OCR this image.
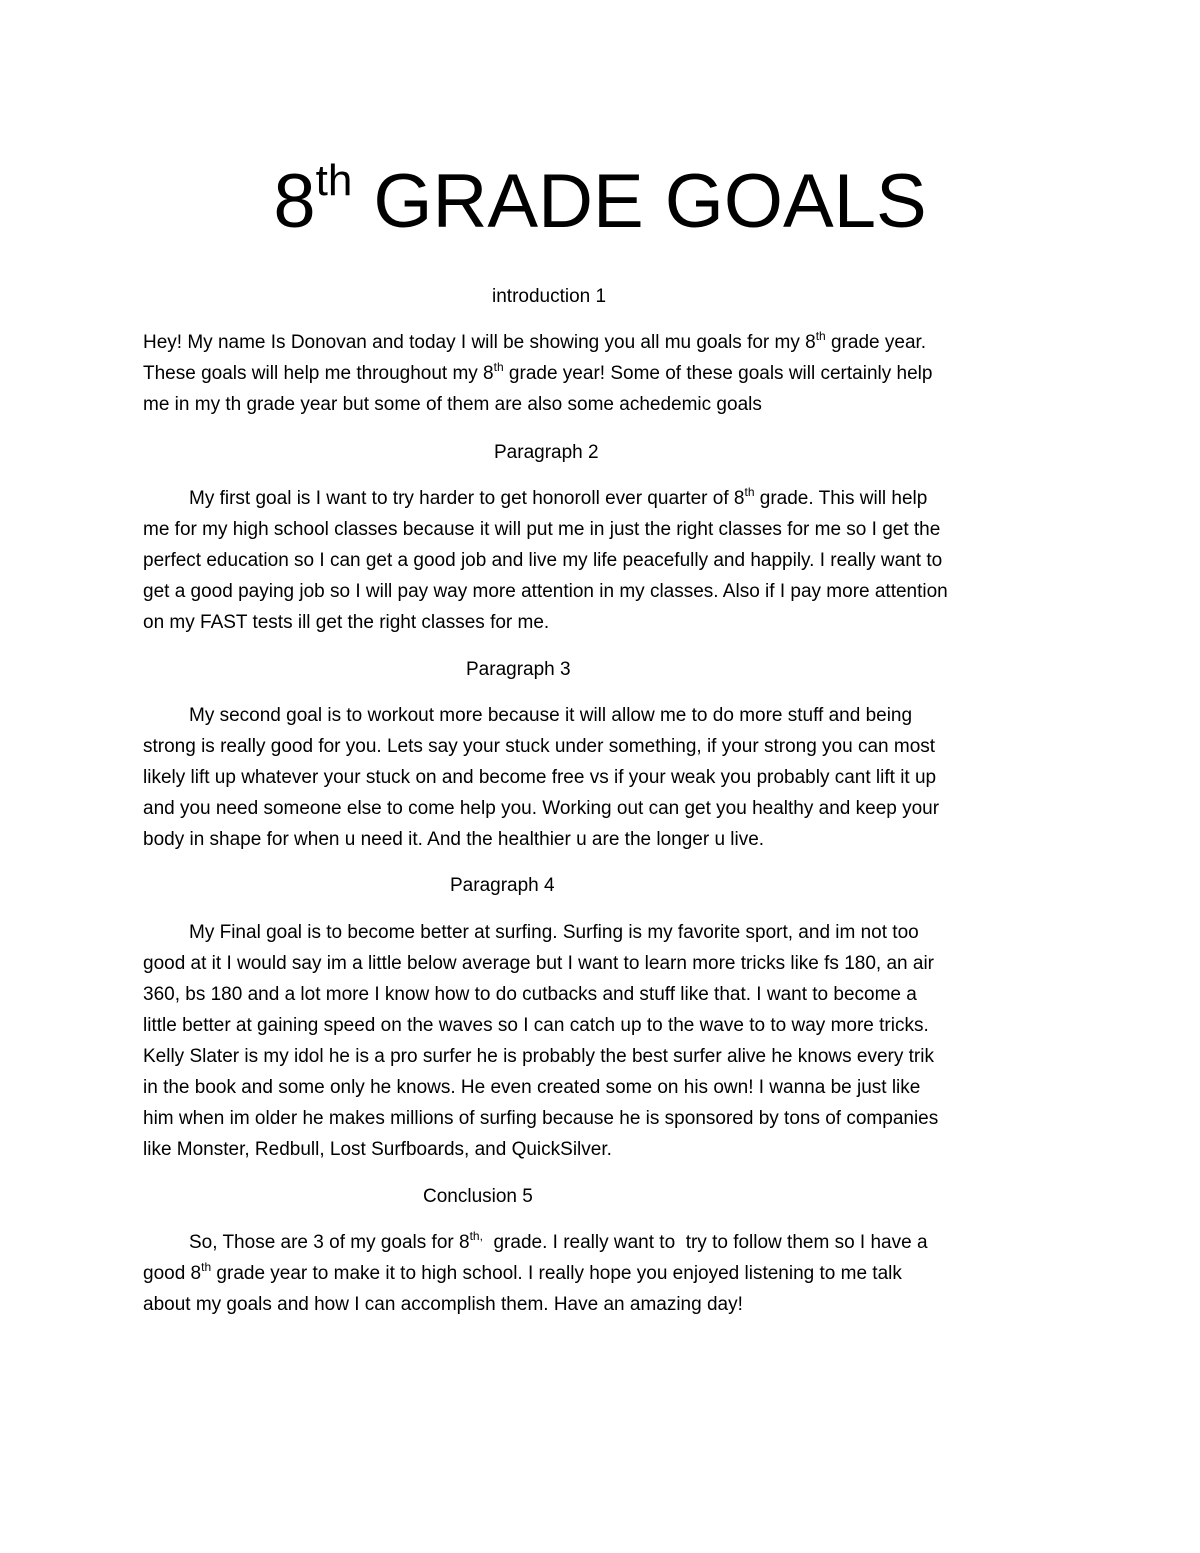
8th GRADE GOALS
introduction 1
Hey! My name Is Donovan and today I will be showing you all mu goals for my 8th grade year.
These goals will help me throughout my 8th grade year! Some of these goals will certainly help
me in my th grade year but some of them are also some achedemic goals
Paragraph 2
My first goal is I want to try harder to get honoroll ever quarter of 8th grade. This will help
me for my high school classes because it will put me in just the right classes for me so I get the
perfect education so I can get a good job and live my life peacefully and happily. I really want to
get a good paying job so I will pay way more attention in my classes. Also if I pay more attention
on my FAST tests ill get the right classes for me.
Paragraph 3
My second goal is to workout more because it will allow me to do more stuff and being
strong is really good for you. Lets say your stuck under something, if your strong you can most
likely lift up whatever your stuck on and become free vs if your weak you probably cant lift it up
and you need someone else to come help you. Working out can get you healthy and keep your
body in shape for when u need it. And the healthier u are the longer u live.
Paragraph 4
My Final goal is to become better at surfing. Surfing is my favorite sport, and im not too
good at it I would say im a little below average but I want to learn more tricks like fs 180, an air
360, bs 180 and a lot more I know how to do cutbacks and stuff like that. I want to become a
little better at gaining speed on the waves so I can catch up to the wave to to way more tricks.
Kelly Slater is my idol he is a pro surfer he is probably the best surfer alive he knows every trik
in the book and some only he knows. He even created some on his own! I wanna be just like
him when im older he makes millions of surfing because he is sponsored by tons of companies
like Monster, Redbull, Lost Surfboards, and QuickSilver.
Conclusion 5
So, Those are 3 of my goals for $8^{th,}$  grade. I really want to  try to follow them so I have a
good 8th grade year to make it to high school. I really hope you enjoyed listening to me talk
about my goals and how I can accomplish them. Have an amazing day!
